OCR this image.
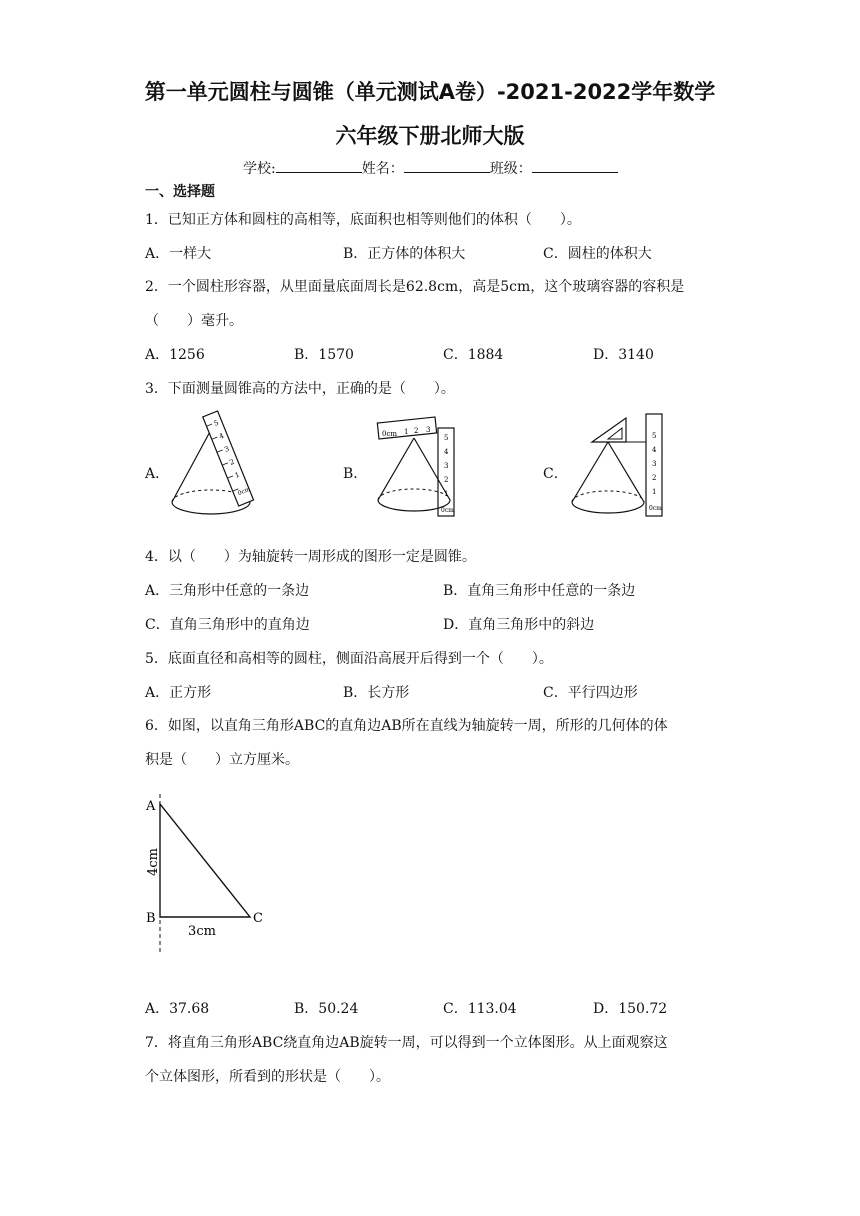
第一单元圆柱与圆锥（单元测试A卷）-2021-2022学年数学
六年级下册北师大版
学校:	姓名：	班级：
一、选择题
1．已知正方体和圆柱的高相等，底面积也相等则他们的体积（　　）。
A．一样大	B．正方体的体积大	C．圆柱的体积大
2．一个圆柱形容器，从里面量底面周长是62.8cm，高是5cm，这个玻璃容器的容积是
（　　）毫升。
A．1256	B．1570	C．1884	D．3140
3．下面测量圆锥高的方法中，正确的是（　　）。
A．	B．	C．
5
4
3
2
1
0cm
0cm 1 2 3
5
4
3
2
1
0cm
5
4
3
2
1
0cm
4．以（　　）为轴旋转一周形成的图形一定是圆锥。
A．三角形中任意的一条边	B．直角三角形中任意的一条边
C．直角三角形中的直角边	D．直角三角形中的斜边
5．底面直径和高相等的圆柱，侧面沿高展开后得到一个（　　）。
A．正方形	B．长方形	C．平行四边形
6．如图，以直角三角形ABC的直角边AB所在直线为轴旋转一周，所形的几何体的体
积是（　　）立方厘米。
A
B	C
4cm
3cm
A．37.68	B．50.24	C．113.04	D．150.72
7．将直角三角形ABC绕直角边AB旋转一周，可以得到一个立体图形。从上面观察这
个立体图形，所看到的形状是（　　）。
